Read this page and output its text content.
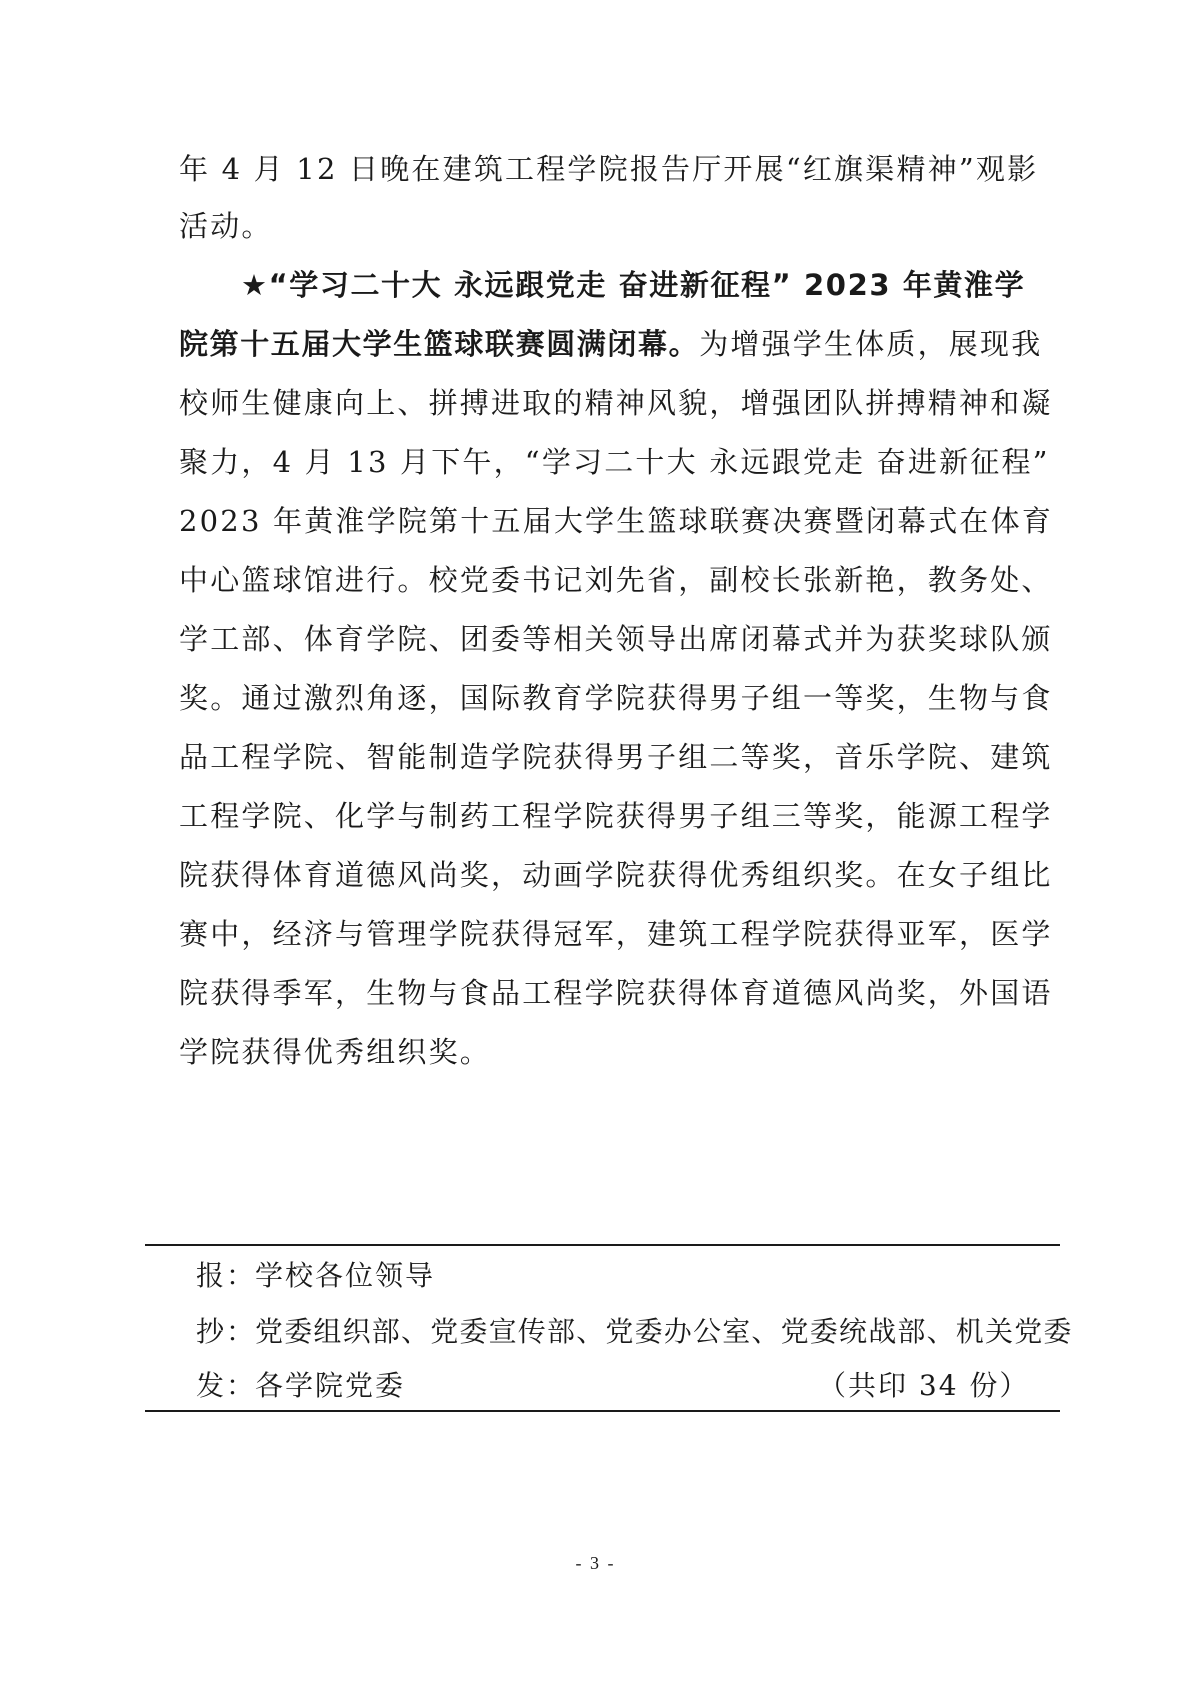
年 4 月 12 日晚在建筑工程学院报告厅开展“红旗渠精神”观影
活动。
★“学习二十大 永远跟党走 奋进新征程” 2023 年黄淮学
院第十五届大学生篮球联赛圆满闭幕。为增强学生体质，展现我
校师生健康向上、拼搏进取的精神风貌，增强团队拼搏精神和凝
聚力，4 月 13 月下午，“学习二十大 永远跟党走 奋进新征程”
2023 年黄淮学院第十五届大学生篮球联赛决赛暨闭幕式在体育
中心篮球馆进行。校党委书记刘先省，副校长张新艳，教务处、
学工部、体育学院、团委等相关领导出席闭幕式并为获奖球队颁
奖。通过激烈角逐，国际教育学院获得男子组一等奖，生物与食
品工程学院、智能制造学院获得男子组二等奖，音乐学院、建筑
工程学院、化学与制药工程学院获得男子组三等奖，能源工程学
院获得体育道德风尚奖，动画学院获得优秀组织奖。在女子组比
赛中，经济与管理学院获得冠军，建筑工程学院获得亚军，医学
院获得季军，生物与食品工程学院获得体育道德风尚奖，外国语
学院获得优秀组织奖。
报：
学校各位领导
抄：
党委组织部、党委宣传部、党委办公室、党委统战部、机关党委
发：
各学院党委	（共印 34 份）
- 3 -
